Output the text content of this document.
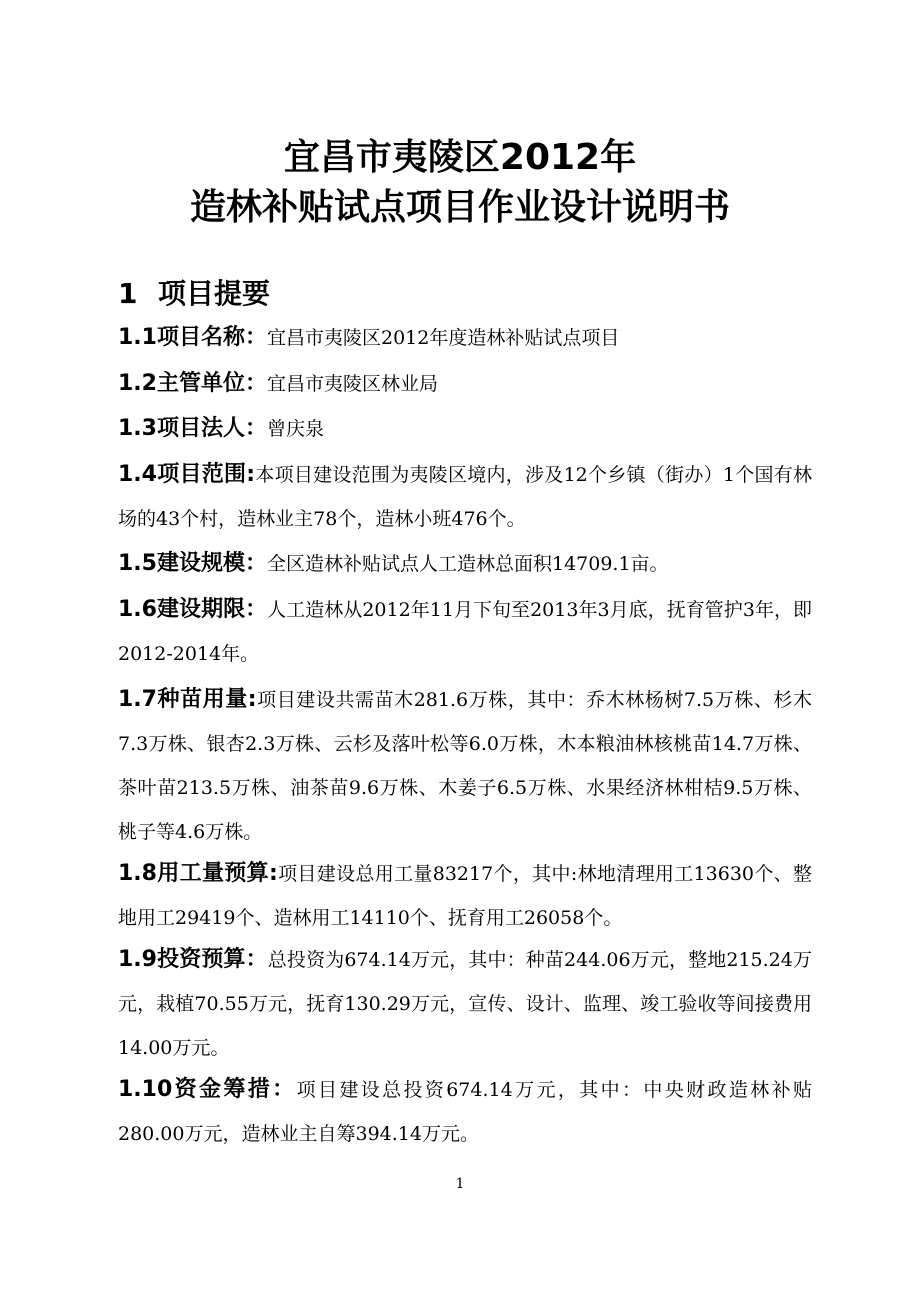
宜昌市夷陵区2012年
造林补贴试点项目作业设计说明书
1 项目提要
1.1项目名称：宜昌市夷陵区2012年度造林补贴试点项目
1.2主管单位：宜昌市夷陵区林业局
1.3项目法人：曾庆泉
1.4项目范围:本项目建设范围为夷陵区境内，涉及12个乡镇（街办）1个国有林场的43个村，造林业主78个，造林小班476个。
1.5建设规模：全区造林补贴试点人工造林总面积14709.1亩。
1.6建设期限：人工造林从2012年11月下旬至2013年3月底，抚育管护3年，即2012-2014年。
1.7种苗用量:项目建设共需苗木281.6万株，其中：乔木林杨树7.5万株、杉木7.3万株、银杏2.3万株、云杉及落叶松等6.0万株，木本粮油林核桃苗14.7万株、茶叶苗213.5万株、油茶苗9.6万株、木姜子6.5万株、水果经济林柑桔9.5万株、桃子等4.6万株。
1.8用工量预算:项目建设总用工量83217个，其中:林地清理用工13630个、整地用工29419个、造林用工14110个、抚育用工26058个。
1.9投资预算：总投资为674.14万元，其中：种苗244.06万元，整地215.24万元，栽植70.55万元，抚育130.29万元，宣传、设计、监理、竣工验收等间接费用14.00万元。
1.10资金筹措：项目建设总投资674.14万元，其中：中央财政造林补贴280.00万元，造林业主自筹394.14万元。
1
